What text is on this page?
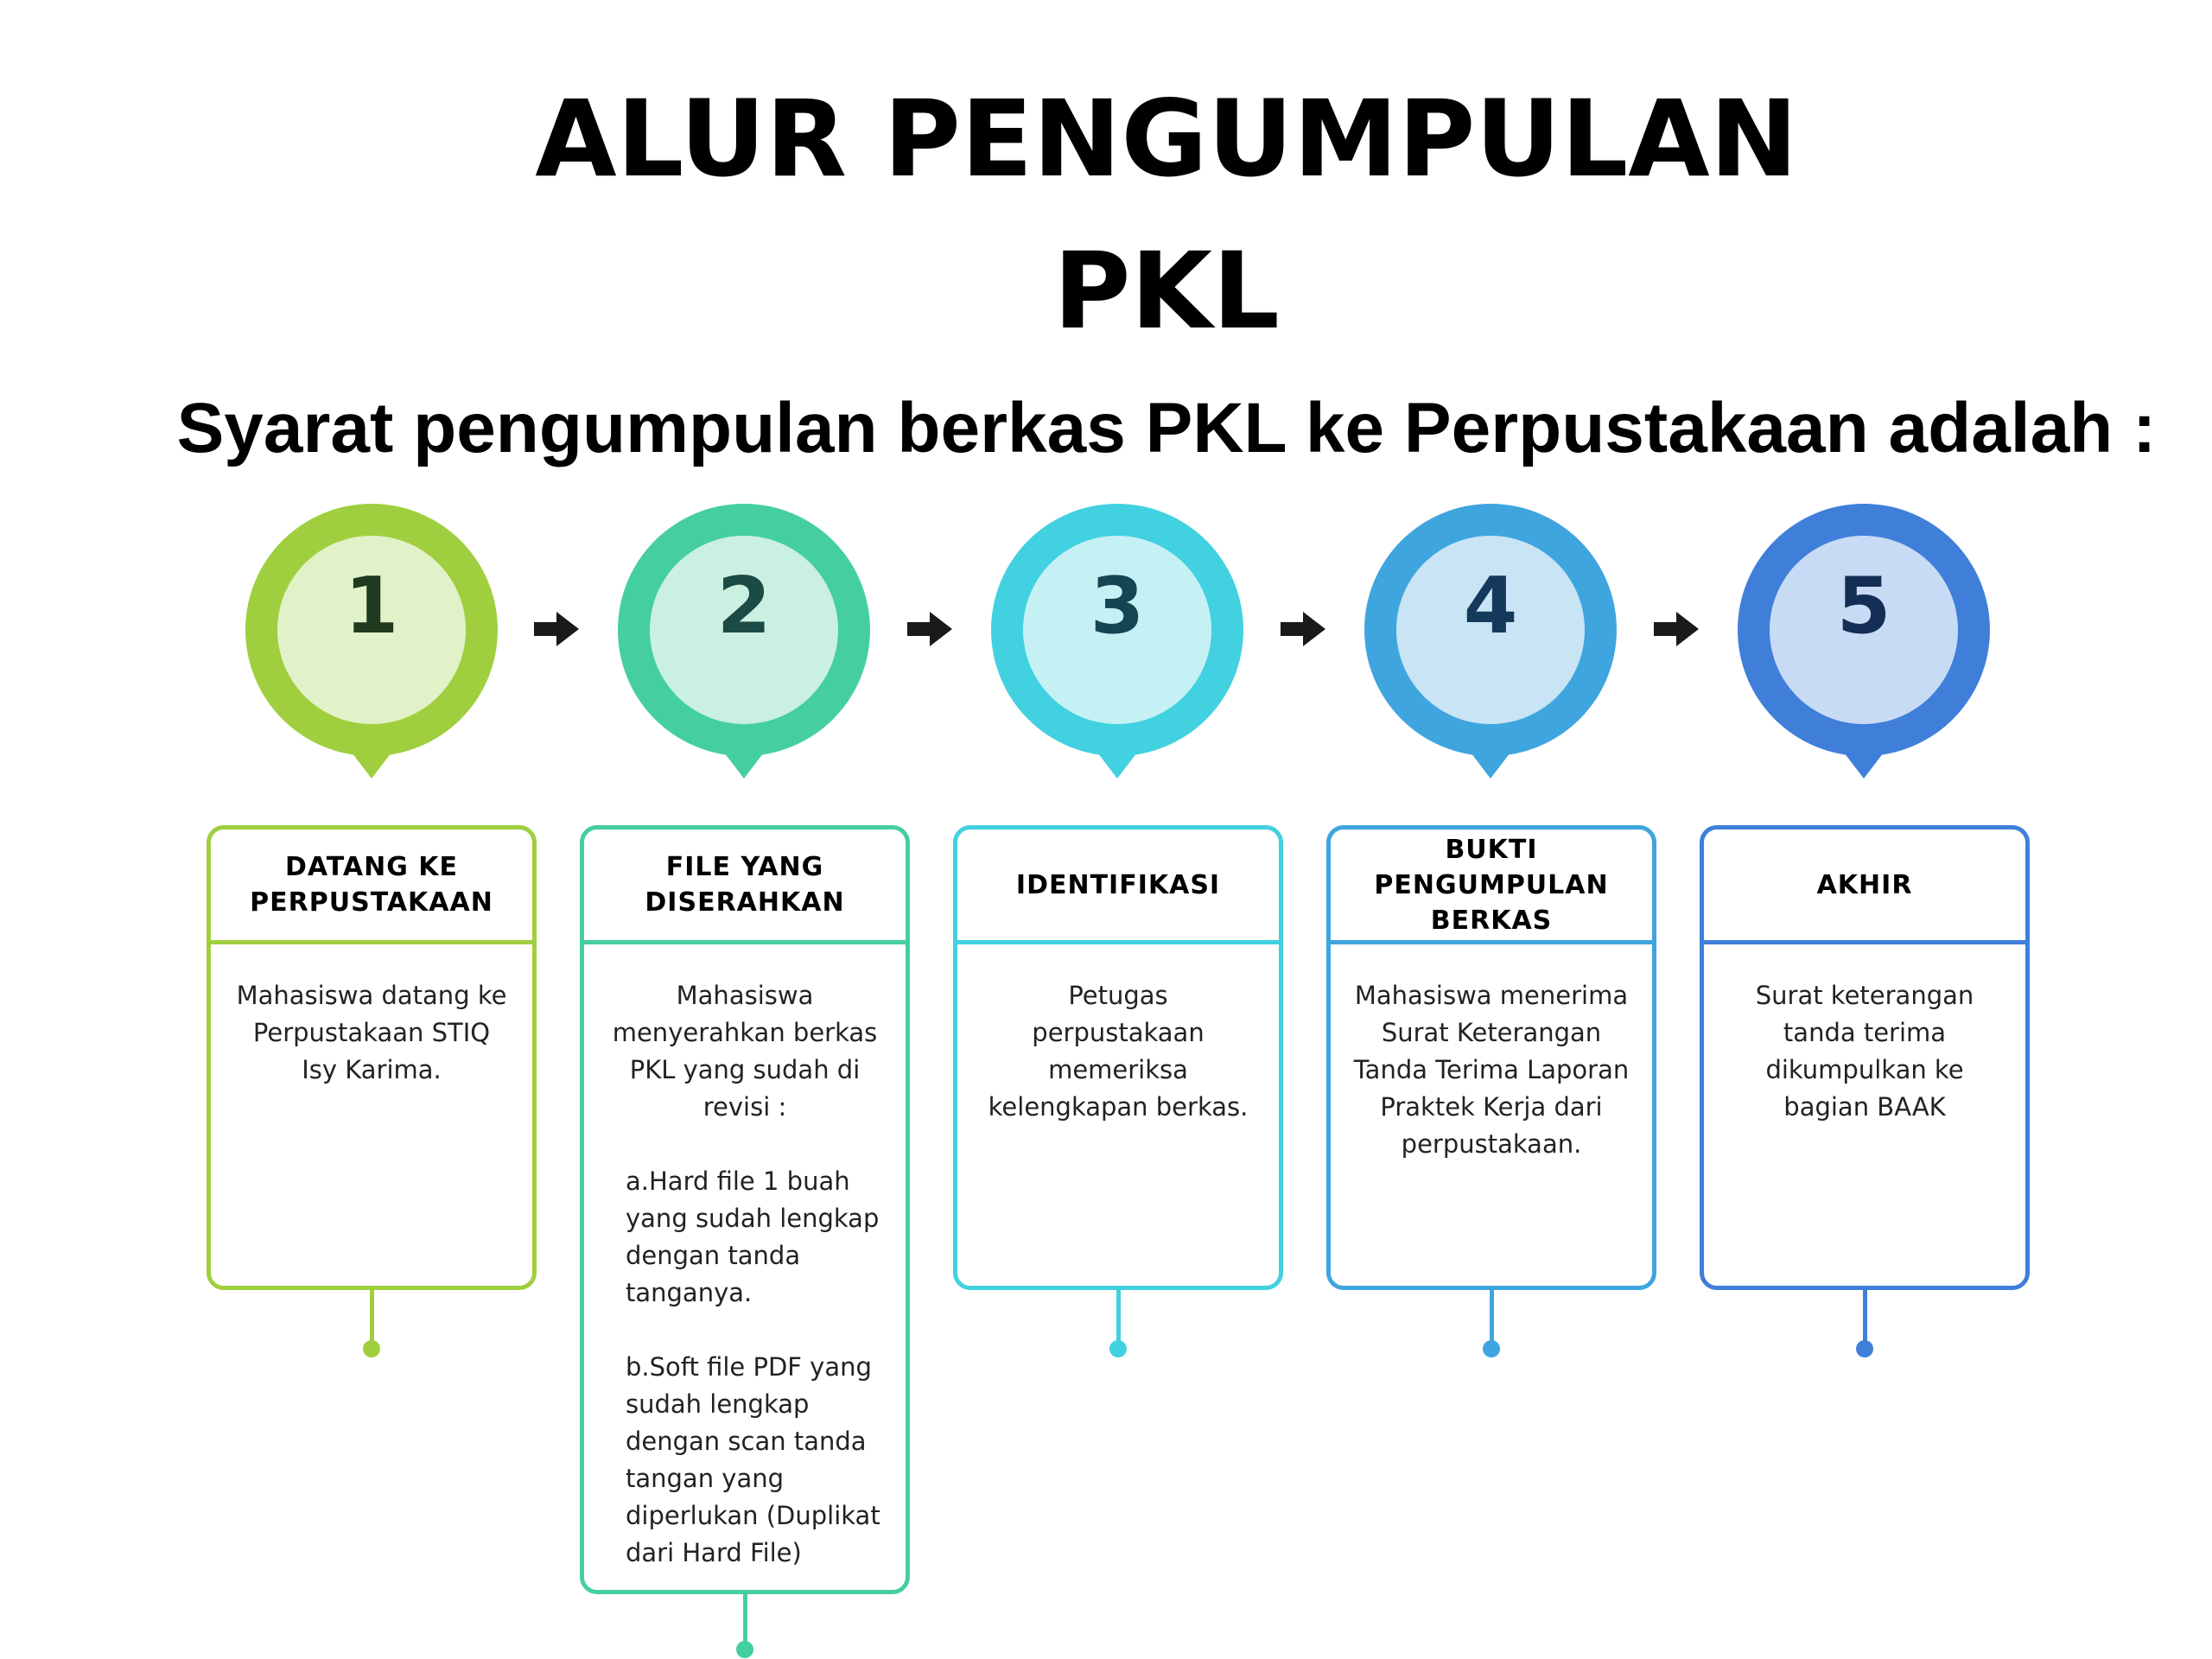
ALUR PENGUMPULAN
PKL
Syarat pengumpulan berkas PKL ke Perpustakaan adalah :
1	2	3	4	5
DATANG KE PERPUSTAKAAN

Mahasiswa datang ke Perpustakaan STIQ Isy Karima.

FILE YANG DISERAHKAN

Mahasiswa menyerahkan berkas PKL yang sudah di revisi :

a.Hard file 1 buah yang sudah lengkap dengan tanda tanganya.

b.Soft file PDF yang sudah lengkap dengan scan tanda tangan yang diperlukan (Duplikat dari Hard File)

IDENTIFIKASI

Petugas perpustakaan memeriksa kelengkapan berkas.

BUKTI PENGUMPULAN BERKAS

Mahasiswa menerima Surat Keterangan Tanda Terima Laporan Praktek Kerja dari perpustakaan.

AKHIR

Surat keterangan tanda terima dikumpulkan ke bagian BAAK
